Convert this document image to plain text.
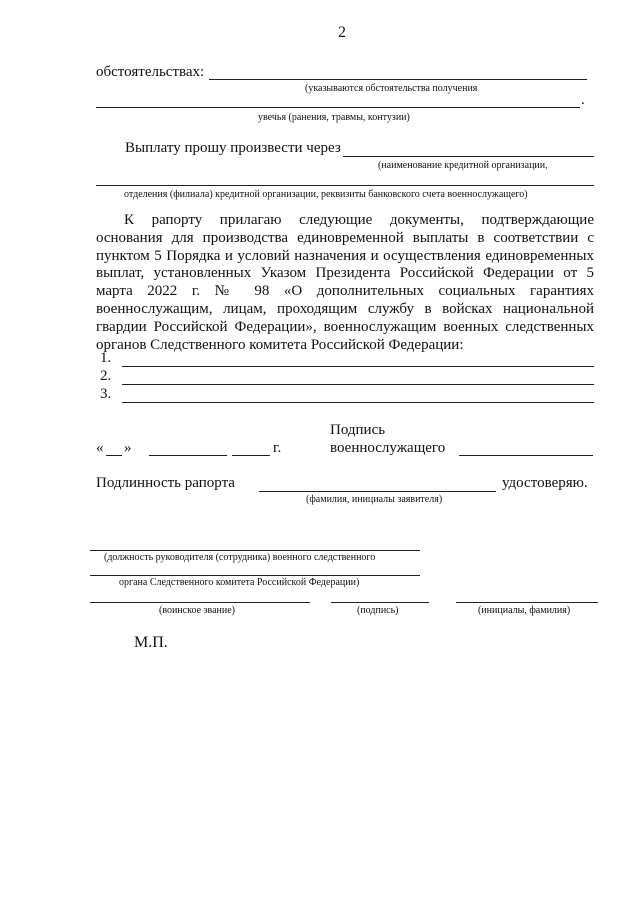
2
обстоятельствах:
(указываются обстоятельства получения
.
увечья (ранения, травмы, контузии)
Выплату прошу произвести через
(наименование кредитной организации,
отделения (филиала) кредитной организации, реквизиты банковского счета военнослужащего)
К рапорту прилагаю следующие документы, подтверждающие основания для производства единовременной выплаты в соответствии с пунктом 5 Порядка и условий назначения и осуществления единовременных выплат, установленных Указом Президента Российской Федерации от 5 марта 2022 г. № 98 «О дополнительных социальных гарантиях военнослужащим, лицам, проходящим службу в войсках национальной гвардии Российской Федерации», военнослужащим военных следственных органов Следственного комитета Российской Федерации:
1.
2.
3.
« »	г.
Подпись
военнослужащего
Подлинность рапорта	удостоверяю.
(фамилия, инициалы заявителя)
(должность руководителя (сотрудника) военного следственного
органа Следственного комитета Российской Федерации)
(воинское звание)	(подпись)	(инициалы, фамилия)
М.П.
